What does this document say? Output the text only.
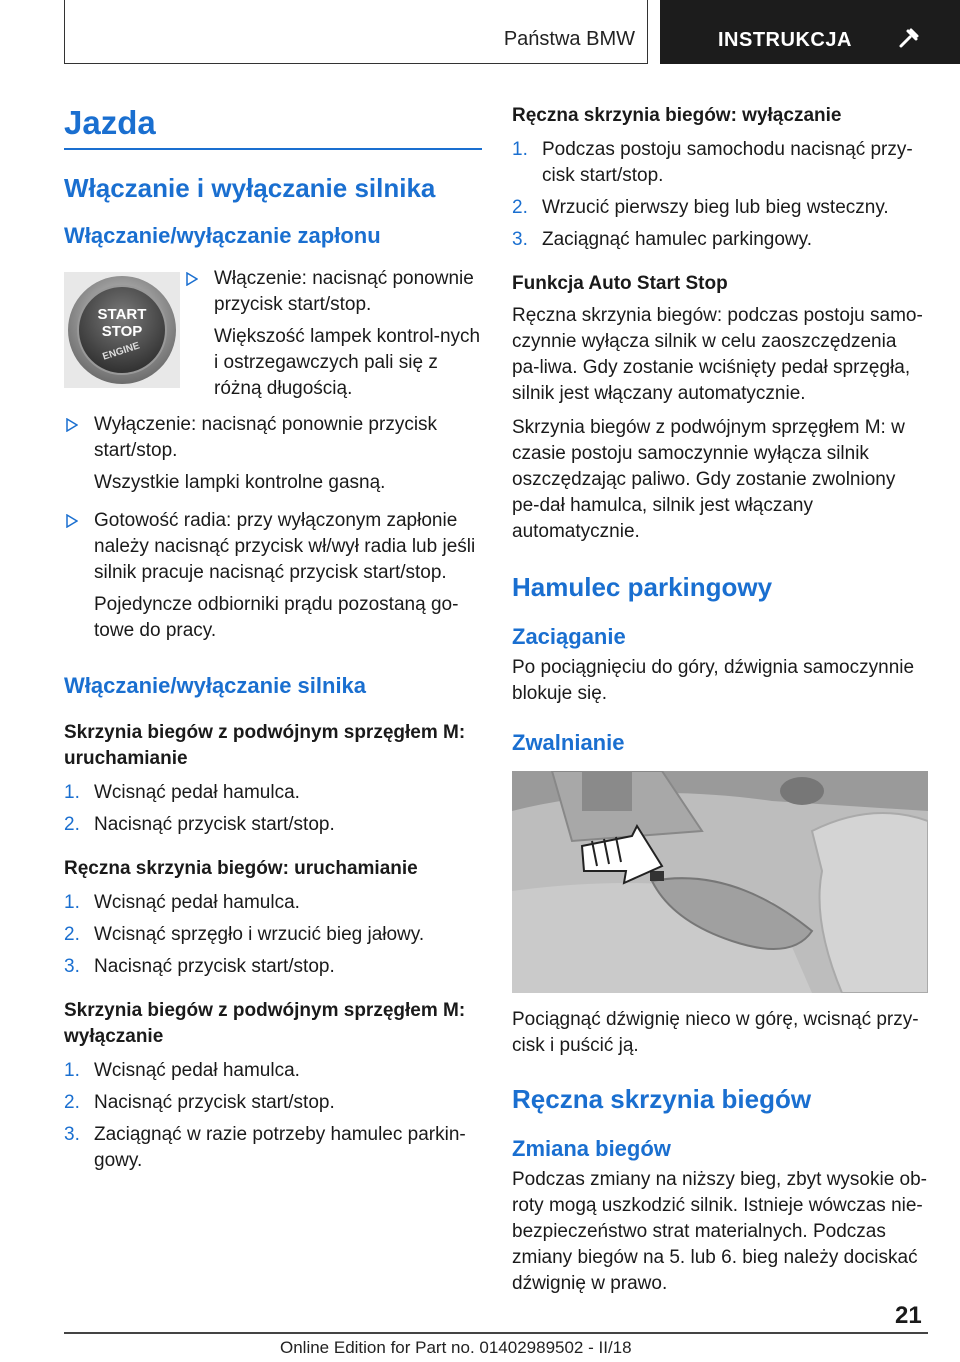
Państwa BMW	INSTRUKCJA
Jazda
Włączanie i wyłączanie silnika
Włączanie/wyłączanie zapłonu
START
STOP
ENGINE
Włączenie: nacisnąć ponownie przycisk start/stop.
Większość lampek kontrol-nych i ostrzegawczych pali się z różną długością.
Wyłączenie: nacisnąć ponownie przycisk start/stop.
Wszystkie lampki kontrolne gasną.
Gotowość radia: przy wyłączonym zapłonie należy nacisnąć przycisk wł/wył radia lub jeśli silnik pracuje nacisnąć przycisk start/stop.
Pojedyncze odbiorniki prądu pozostaną go-towe do pracy.
Włączanie/wyłączanie silnika
Skrzynia biegów z podwójnym sprzęgłem M: uruchamianie
1. Wcisnąć pedał hamulca.
2. Nacisnąć przycisk start/stop.
Ręczna skrzynia biegów: uruchamianie
1. Wcisnąć pedał hamulca.
2. Wcisnąć sprzęgło i wrzucić bieg jałowy.
3. Nacisnąć przycisk start/stop.
Skrzynia biegów z podwójnym sprzęgłem M: wyłączanie
1. Wcisnąć pedał hamulca.
2. Nacisnąć przycisk start/stop.
3. Zaciągnąć w razie potrzeby hamulec parkin-gowy.
Ręczna skrzynia biegów: wyłączanie
1. Podczas postoju samochodu nacisnąć przy-cisk start/stop.
2. Wrzucić pierwszy bieg lub bieg wsteczny.
3. Zaciągnąć hamulec parkingowy.
Funkcja Auto Start Stop

Ręczna skrzynia biegów: podczas postoju samo-czynnie wyłącza silnik w celu zaoszczędzenia pa-liwa. Gdy zostanie wciśnięty pedał sprzęgła, silnik jest włączany automatycznie.

Skrzynia biegów z podwójnym sprzęgłem M: w czasie postoju samoczynnie wyłącza silnik oszczędzając paliwo. Gdy zostanie zwolniony pe-dał hamulca, silnik jest włączany automatycznie.

Hamulec parkingowy
Zaciąganie

Po pociągnięciu do góry, dźwignia samoczynnie blokuje się.

Zwalnianie

Pociągnąć dźwignię nieco w górę, wcisnąć przy-cisk i puścić ją.

Ręczna skrzynia biegów
Zmiana biegów

Podczas zmiany na niższy bieg, zbyt wysokie ob-roty mogą uszkodzić silnik. Istnieje wówczas nie-bezpieczeństwo strat materialnych. Podczas zmiany biegów na 5. lub 6. bieg należy dociskać dźwignię w prawo.

21
Online Edition for Part no. 01402989502 - II/18
